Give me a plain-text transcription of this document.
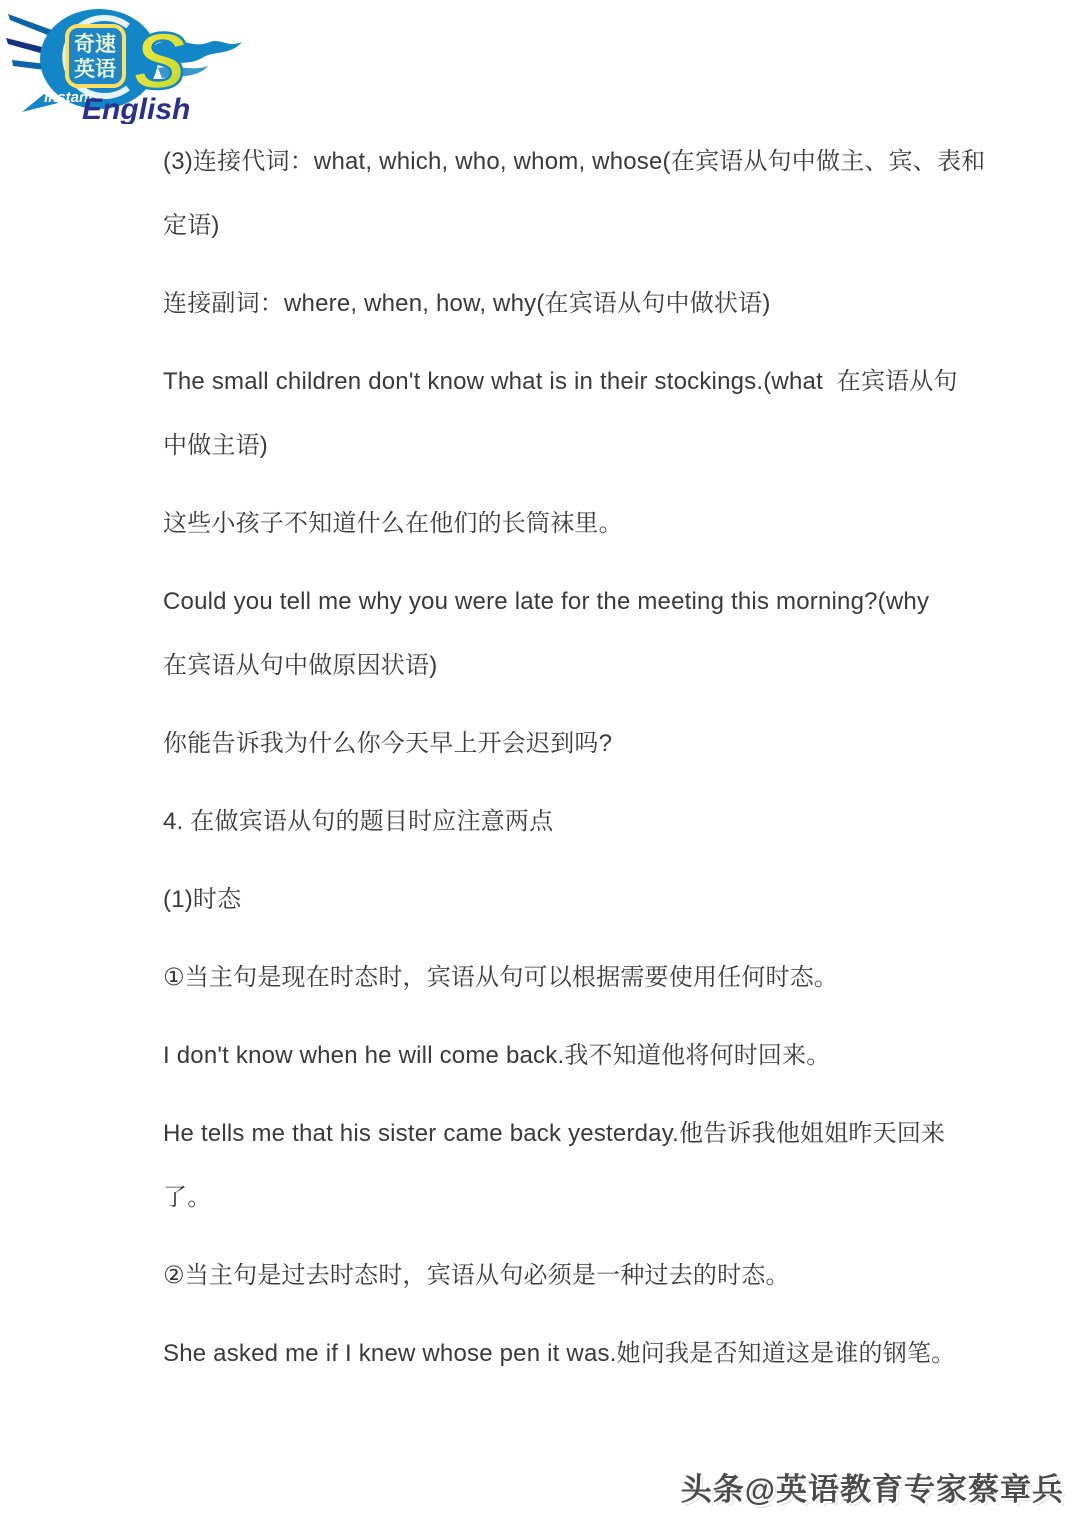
奇速
英语 S
Instant
English

(3)连接代词：what, which, who, whom, whose(在宾语从句中做主、宾、表和
定语)

连接副词：where, when, how, why(在宾语从句中做状语)

The small children don't know what is in their stockings.(what  在宾语从句
中做主语)

这些小孩子不知道什么在他们的长筒袜里。

Could you tell me why you were late for the meeting this morning?(why
在宾语从句中做原因状语)

你能告诉我为什么你今天早上开会迟到吗?

4. 在做宾语从句的题目时应注意两点

(1)时态

①当主句是现在时态时，宾语从句可以根据需要使用任何时态。

I don't know when he will come back.我不知道他将何时回来。

He tells me that his sister came back yesterday.他告诉我他姐姐昨天回来
了。

②当主句是过去时态时，宾语从句必须是一种过去的时态。

She asked me if I knew whose pen it was.她问我是否知道这是谁的钢笔。

头条@英语教育专家蔡章兵
